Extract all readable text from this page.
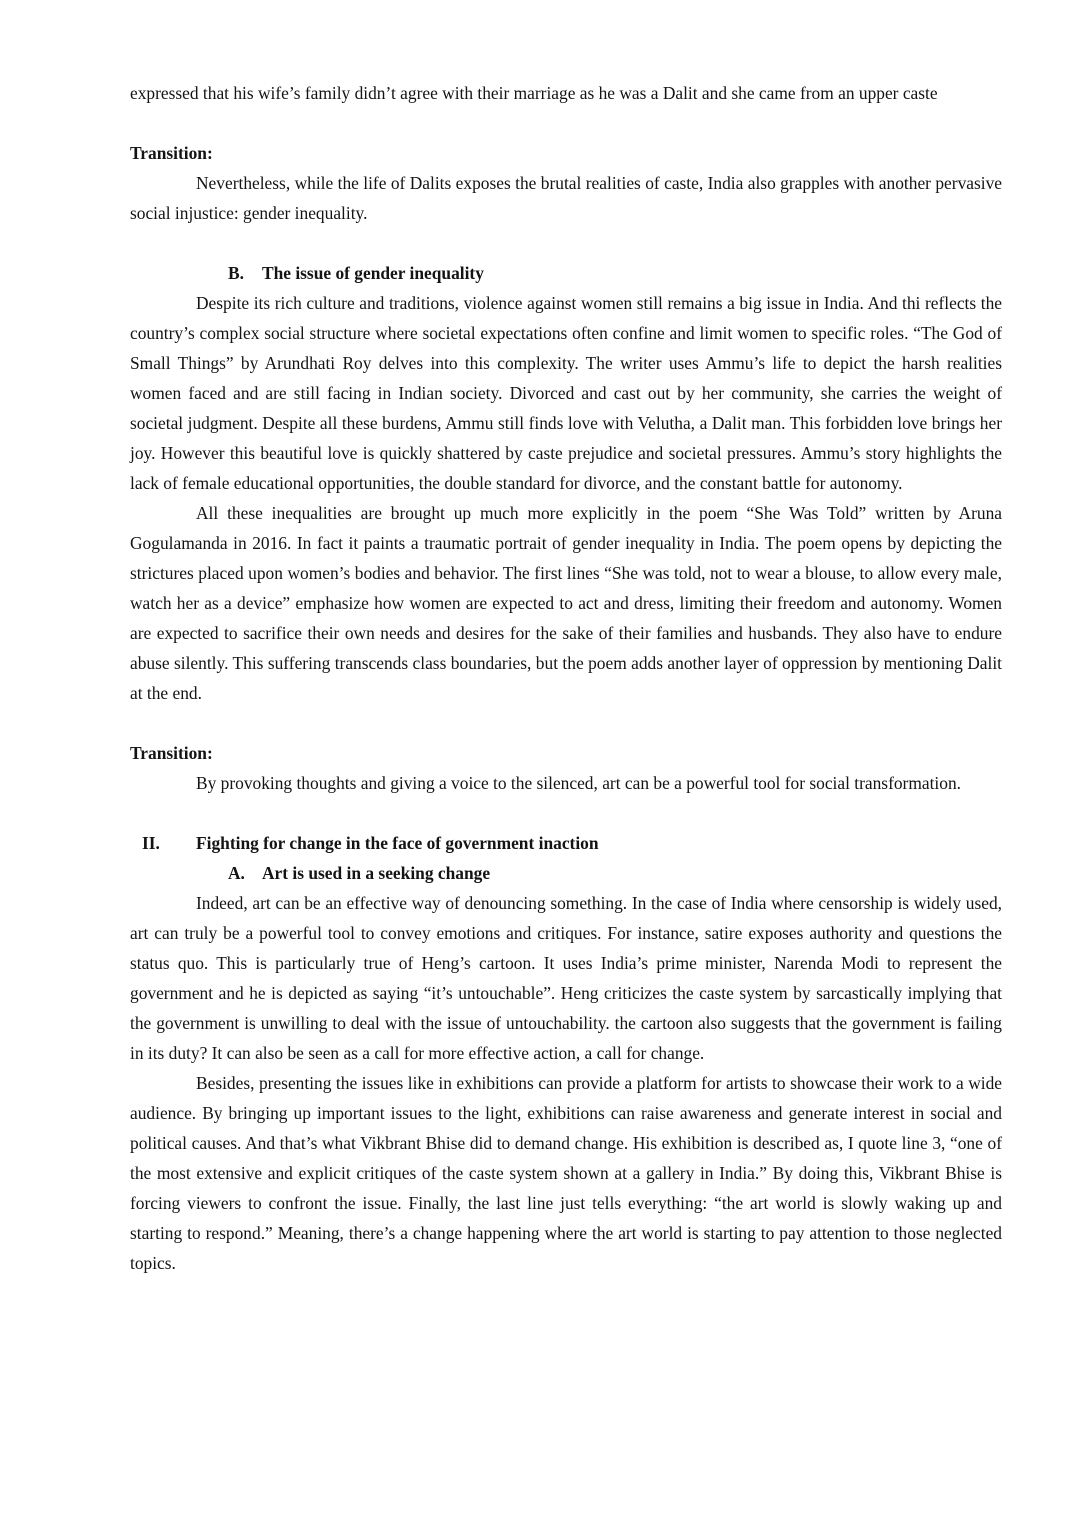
expressed that his wife’s family didn’t agree with their marriage as he was a Dalit and she came from an upper caste

Transition:

Nevertheless, while the life of Dalits exposes the brutal realities of caste, India also grapples with another pervasive social injustice: gender inequality.

B. The issue of gender inequality

Despite its rich culture and traditions, violence against women still remains a big issue in India. And thi reflects the country’s complex social structure where societal expectations often confine and limit women to specific roles. “The God of Small Things” by Arundhati Roy delves into this complexity. The writer uses Ammu’s life to depict the harsh realities women faced and are still facing in Indian society. Divorced and cast out by her community, she carries the weight of societal judgment. Despite all these burdens, Ammu still finds love with Velutha, a Dalit man. This forbidden love brings her joy. However this beautiful love is quickly shattered by caste prejudice and societal pressures. Ammu’s story highlights the lack of female educational opportunities, the double standard for divorce, and the constant battle for autonomy.

All these inequalities are brought up much more explicitly in the poem “She Was Told” written by Aruna Gogulamanda in 2016. In fact it paints a traumatic portrait of gender inequality in India. The poem opens by depicting the strictures placed upon women’s bodies and behavior. The first lines “She was told, not to wear a blouse, to allow every male, watch her as a device” emphasize how women are expected to act and dress, limiting their freedom and autonomy. Women are expected to sacrifice their own needs and desires for the sake of their families and husbands. They also have to endure abuse silently. This suffering transcends class boundaries, but the poem adds another layer of oppression by mentioning Dalit at the end.

Transition:

By provoking thoughts and giving a voice to the silenced, art can be a powerful tool for social transformation.

II. Fighting for change in the face of government inaction
A. Art is used in a seeking change

Indeed, art can be an effective way of denouncing something. In the case of India where censorship is widely used, art can truly be a powerful tool to convey emotions and critiques. For instance, satire exposes authority and questions the status quo. This is particularly true of Heng’s cartoon. It uses India’s prime minister, Narenda Modi to represent the government and he is depicted as saying “it’s untouchable”. Heng criticizes the caste system by sarcastically implying that the government is unwilling to deal with the issue of untouchability. the cartoon also suggests that the government is failing in its duty? It can also be seen as a call for more effective action, a call for change.

Besides, presenting the issues like in exhibitions can provide a platform for artists to showcase their work to a wide audience. By bringing up important issues to the light, exhibitions can raise awareness and generate interest in social and political causes. And that’s what Vikbrant Bhise did to demand change. His exhibition is described as, I quote line 3, “one of the most extensive and explicit critiques of the caste system shown at a gallery in India.” By doing this, Vikbrant Bhise is forcing viewers to confront the issue. Finally, the last line just tells everything: “the art world is slowly waking up and starting to respond.” Meaning, there’s a change happening where the art world is starting to pay attention to those neglected topics.
